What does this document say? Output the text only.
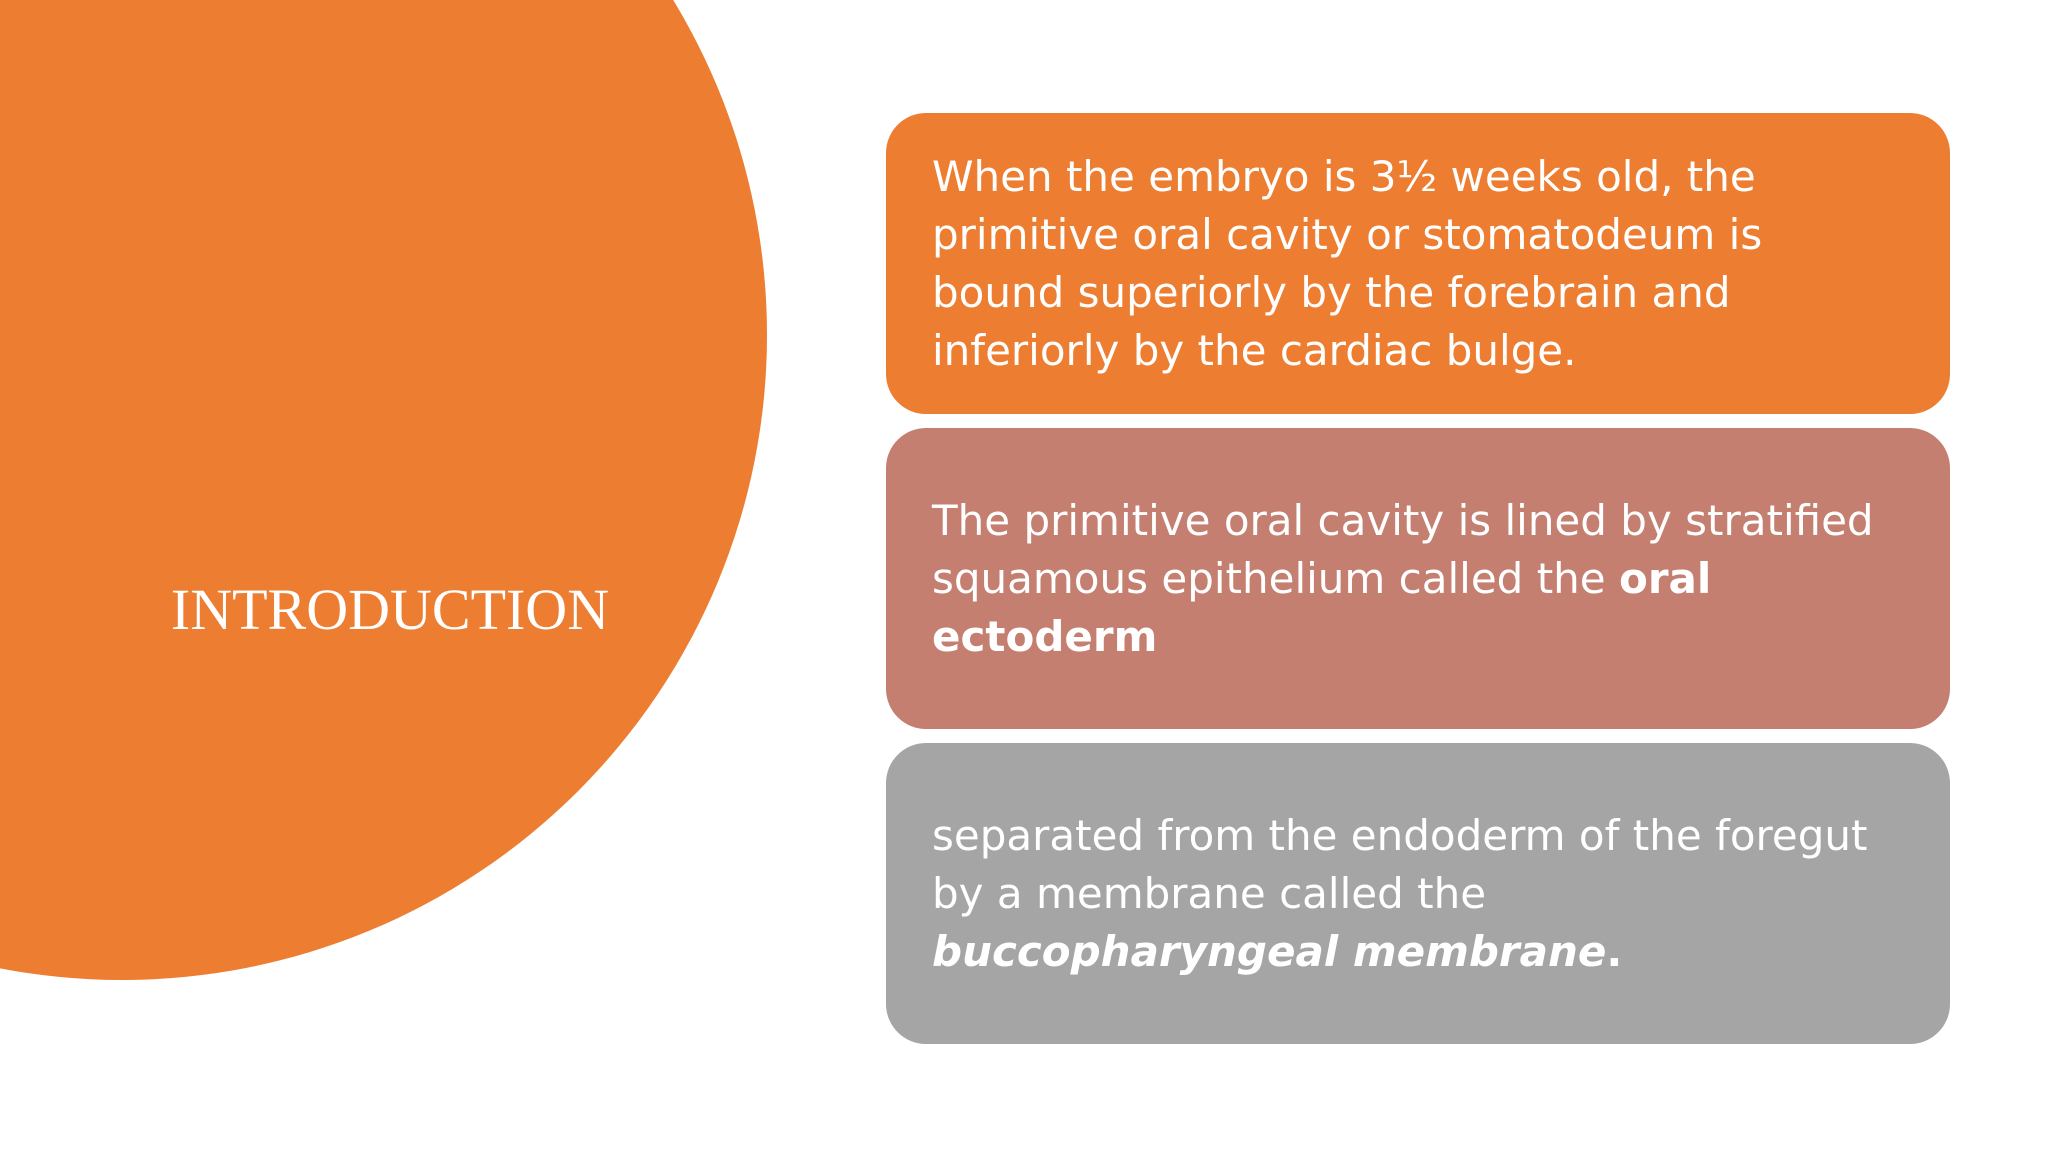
INTRODUCTION

When the embryo is 3½ weeks old, the primitive oral cavity or stomatodeum is bound superiorly by the forebrain and inferiorly by the cardiac bulge.

The primitive oral cavity is lined by stratified squamous epithelium called the oral ectoderm

separated from the endoderm of the foregut by a membrane called the buccopharyngeal membrane.
